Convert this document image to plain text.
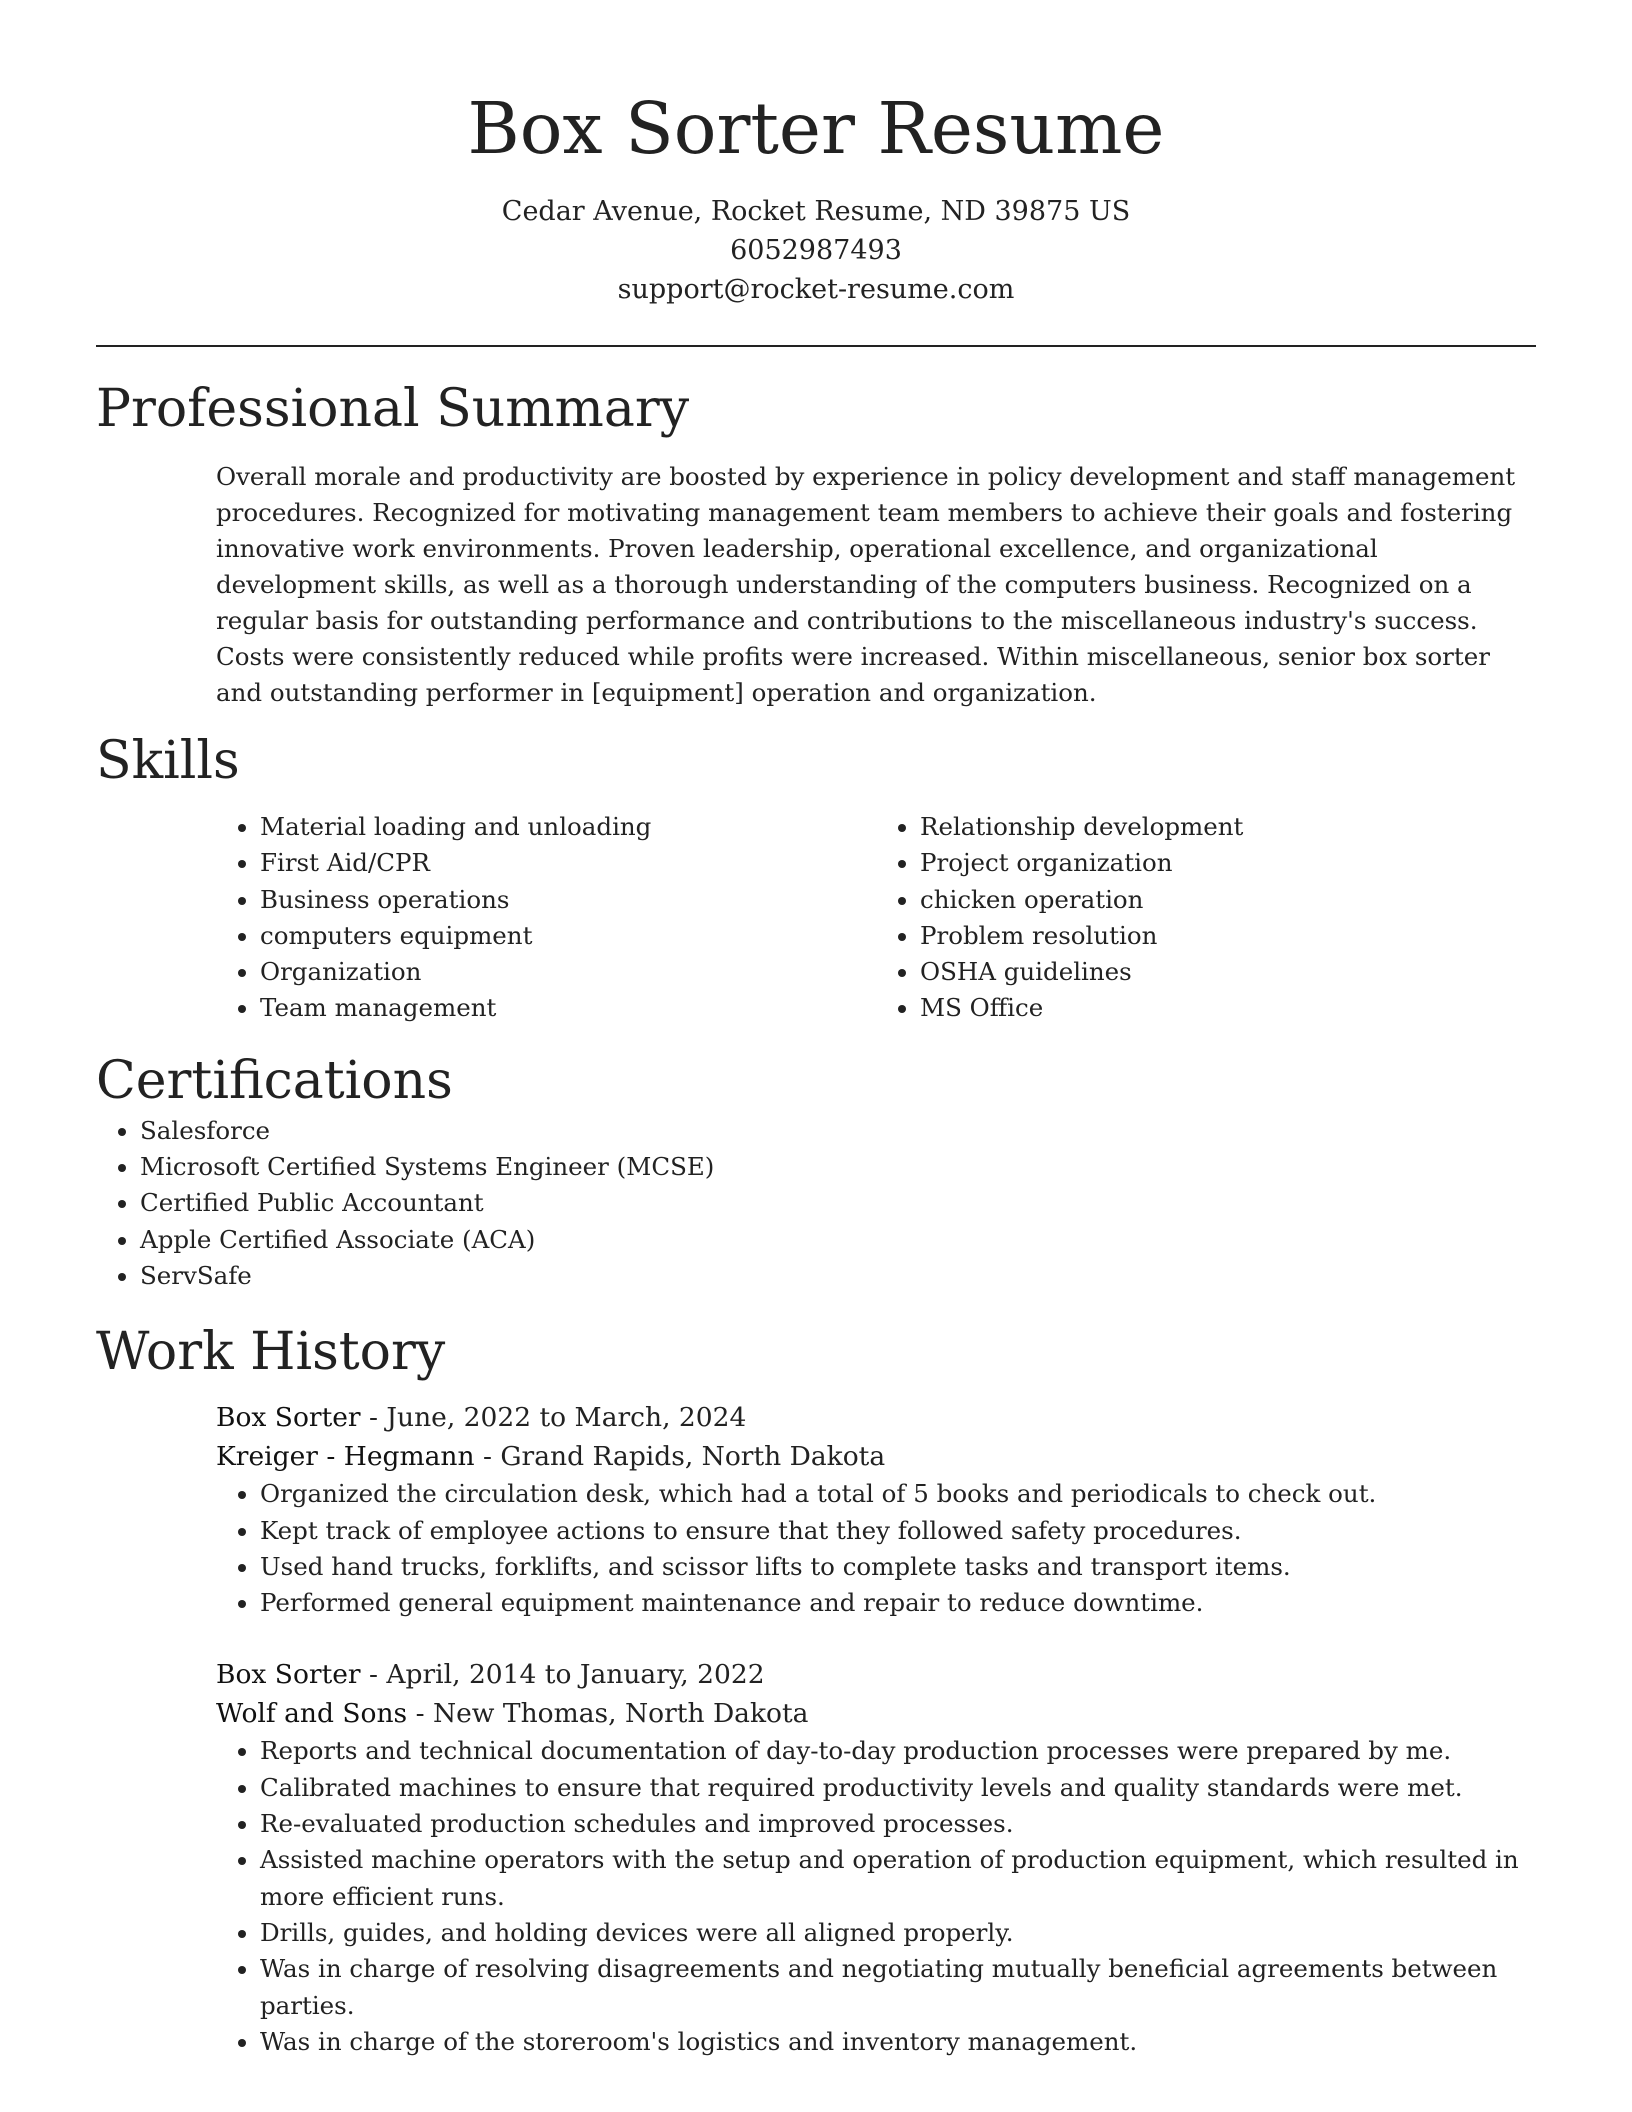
Box Sorter Resume

Cedar Avenue, Rocket Resume, ND 39875 US

6052987493

support@rocket-resume.com

Professional Summary

Overall morale and productivity are boosted by experience in policy development and staff management procedures. Recognized for motivating management team members to achieve their goals and fostering innovative work environments. Proven leadership, operational excellence, and organizational development skills, as well as a thorough understanding of the computers business. Recognized on a regular basis for outstanding performance and contributions to the miscellaneous industry's success. Costs were consistently reduced while profits were increased. Within miscellaneous, senior box sorter and outstanding performer in [equipment] operation and organization.

Skills
• Material loading and unloading
• First Aid/CPR
• Business operations
• computers equipment
• Organization
• Team management
• Relationship development
• Project organization
• chicken operation
• Problem resolution
• OSHA guidelines
• MS Office
Certifications
• Salesforce
• Microsoft Certified Systems Engineer (MCSE)
• Certified Public Accountant
• Apple Certified Associate (ACA)
• ServSafe
Work History

Box Sorter - June, 2022 to March, 2024

Kreiger - Hegmann - Grand Rapids, North Dakota

• Organized the circulation desk, which had a total of 5 books and periodicals to check out.
• Kept track of employee actions to ensure that they followed safety procedures.
• Used hand trucks, forklifts, and scissor lifts to complete tasks and transport items.
• Performed general equipment maintenance and repair to reduce downtime.

Box Sorter - April, 2014 to January, 2022

Wolf and Sons - New Thomas, North Dakota

• Reports and technical documentation of day-to-day production processes were prepared by me.
• Calibrated machines to ensure that required productivity levels and quality standards were met.
• Re-evaluated production schedules and improved processes.
• Assisted machine operators with the setup and operation of production equipment, which resulted in more efficient runs.
• Drills, guides, and holding devices were all aligned properly.
• Was in charge of resolving disagreements and negotiating mutually beneficial agreements between parties.
• Was in charge of the storeroom's logistics and inventory management.
